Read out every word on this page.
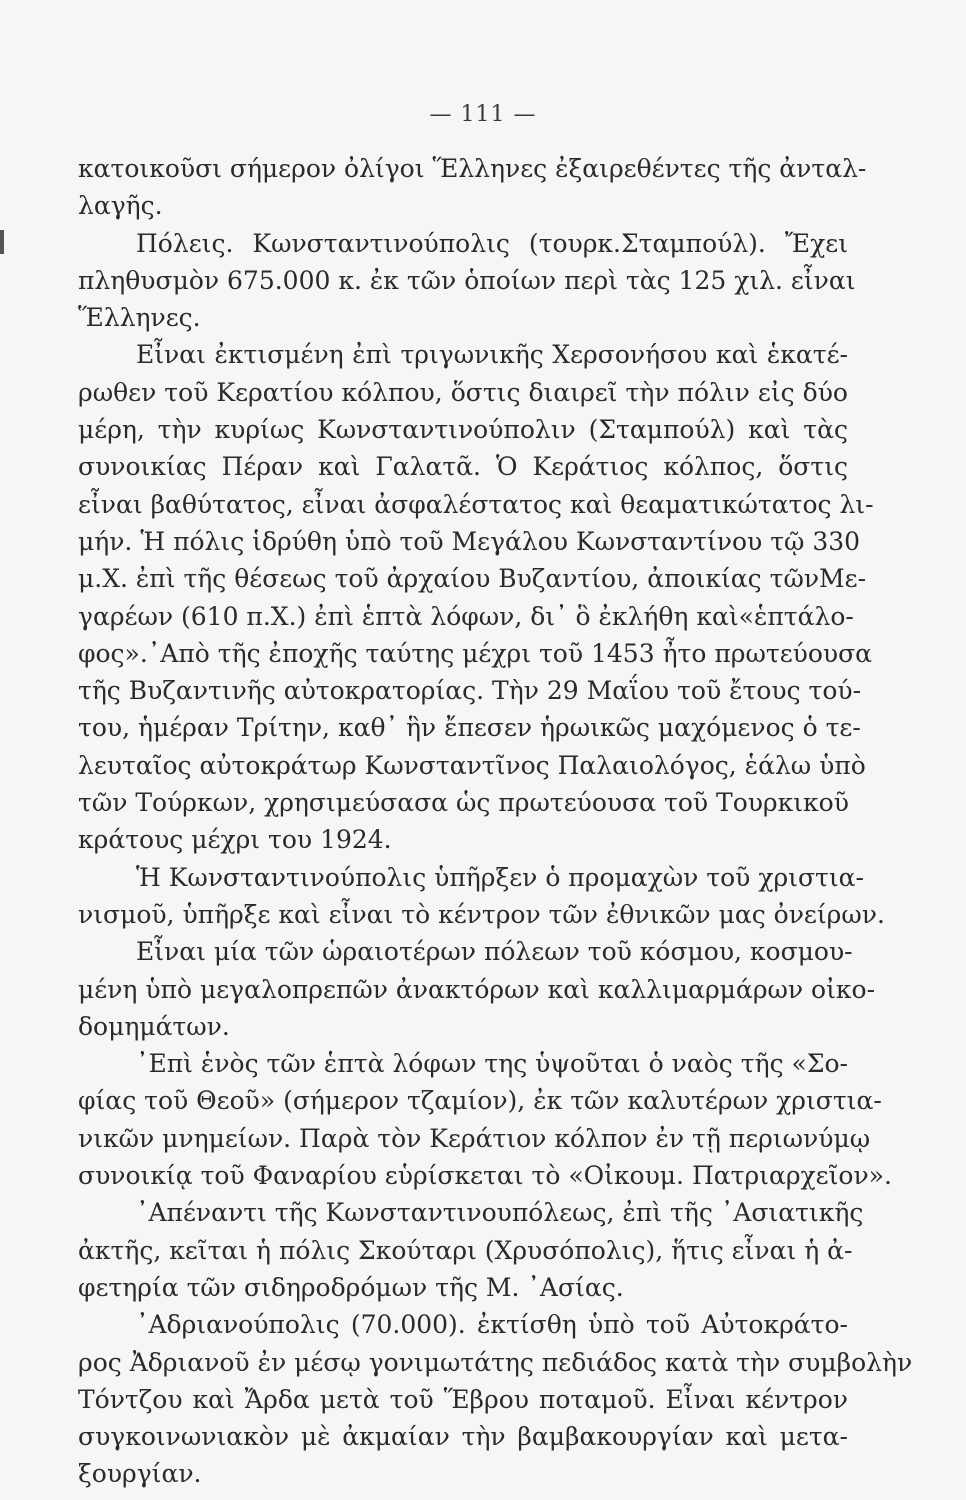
— 111 —
κατοικοῦσι σήμερον ὀλίγοι Ἕλληνες ἐξαιρεθέντες τῆς ἀνταλ-
λαγῆς.
Πόλεις. Κωνσταντινούπολις (τουρκ.Σταμπούλ). Ἔχει
πληθυσμὸν 675.000 κ. ἐκ τῶν ὁποίων περὶ τὰς 125 χιλ. εἶναι
Ἕλληνες.
Εἶναι ἐκτισμένη ἐπὶ τριγωνικῆς Χερσονήσου καὶ ἑκατέ-
ρωθεν τοῦ Κερατίου κόλπου, ὅστις διαιρεῖ τὴν πόλιν εἰς δύο
μέρη, τὴν κυρίως Κωνσταντινούπολιν (Σταμπούλ) καὶ τὰς
συνοικίας Πέραν καὶ Γαλατᾶ. Ὁ Κεράτιος κόλπος, ὅστις
εἶναι βαθύτατος, εἶναι ἀσφαλέστατος καὶ θεαματικώτατος λι-
μήν. Ἡ πόλις ἱδρύθη ὑπὸ τοῦ Μεγάλου Κωνσταντίνου τῷ 330
μ.Χ. ἐπὶ τῆς θέσεως τοῦ ἀρχαίου Βυζαντίου, ἀποικίας τῶνΜε-
γαρέων (610 π.Χ.) ἐπὶ ἑπτὰ λόφων, δι᾽ ὃ ἐκλήθη καὶ«ἑπτάλο-
φος».᾽Απὸ τῆς ἐποχῆς ταύτης μέχρι τοῦ 1453 ἦτο πρωτεύουσα
τῆς Βυζαντινῆς αὐτοκρατορίας. Τὴν 29 Μαΐου τοῦ ἔτους τού-
του, ἡμέραν Τρίτην, καθ᾽ ἣν ἔπεσεν ἡρωικῶς μαχόμενος ὁ τε-
λευταῖος αὐτοκράτωρ Κωνσταντῖνος Παλαιολόγος, ἑάλω ὑπὸ
τῶν Τούρκων, χρησιμεύσασα ὡς πρωτεύουσα τοῦ Τουρκικοῦ
κράτους μέχρι του 1924.
Ἡ Κωνσταντινούπολις ὑπῆρξεν ὁ προμαχὼν τοῦ χριστια-
νισμοῦ, ὑπῆρξε καὶ εἶναι τὸ κέντρον τῶν ἐθνικῶν μας ὀνείρων.
Εἶναι μία τῶν ὡραιοτέρων πόλεων τοῦ κόσμου, κοσμου-
μένη ὑπὸ μεγαλοπρεπῶν ἀνακτόρων καὶ καλλιμαρμάρων οἰκο-
δομημάτων.
᾽Επὶ ἑνὸς τῶν ἑπτὰ λόφων της ὑψοῦται ὁ ναὸς τῆς «Σο-
φίας τοῦ Θεοῦ» (σήμερον τζαμίον), ἐκ τῶν καλυτέρων χριστια-
νικῶν μνημείων. Παρὰ τὸν Κεράτιον κόλπον ἐν τῇ περιωνύμῳ
συνοικίᾳ τοῦ Φαναρίου εὑρίσκεται τὸ «Οἰκουμ. Πατριαρχεῖον».
᾽Απέναντι τῆς Κωνσταντινουπόλεως, ἐπὶ τῆς ᾽Ασιατικῆς
ἀκτῆς, κεῖται ἡ πόλις Σκούταρι (Χρυσόπολις), ἥτις εἶναι ἡ ἀ-
φετηρία τῶν σιδηροδρόμων τῆς Μ. ᾽Ασίας.
᾽Αδριανούπολις (70.000). ἐκτίσθη ὑπὸ τοῦ Αὐτοκράτο-
ρος Ἀδριανοῦ ἐν μέσῳ γονιμωτάτης πεδιάδος κατὰ τὴν συμβολὴν
Τόντζου καὶ Ἄρδα μετὰ τοῦ Ἕβρου ποταμοῦ. Εἶναι κέντρον
συγκοινωνιακὸν μὲ ἀκμαίαν τὴν βαμβακουργίαν καὶ μετα-
ξουργίαν.
